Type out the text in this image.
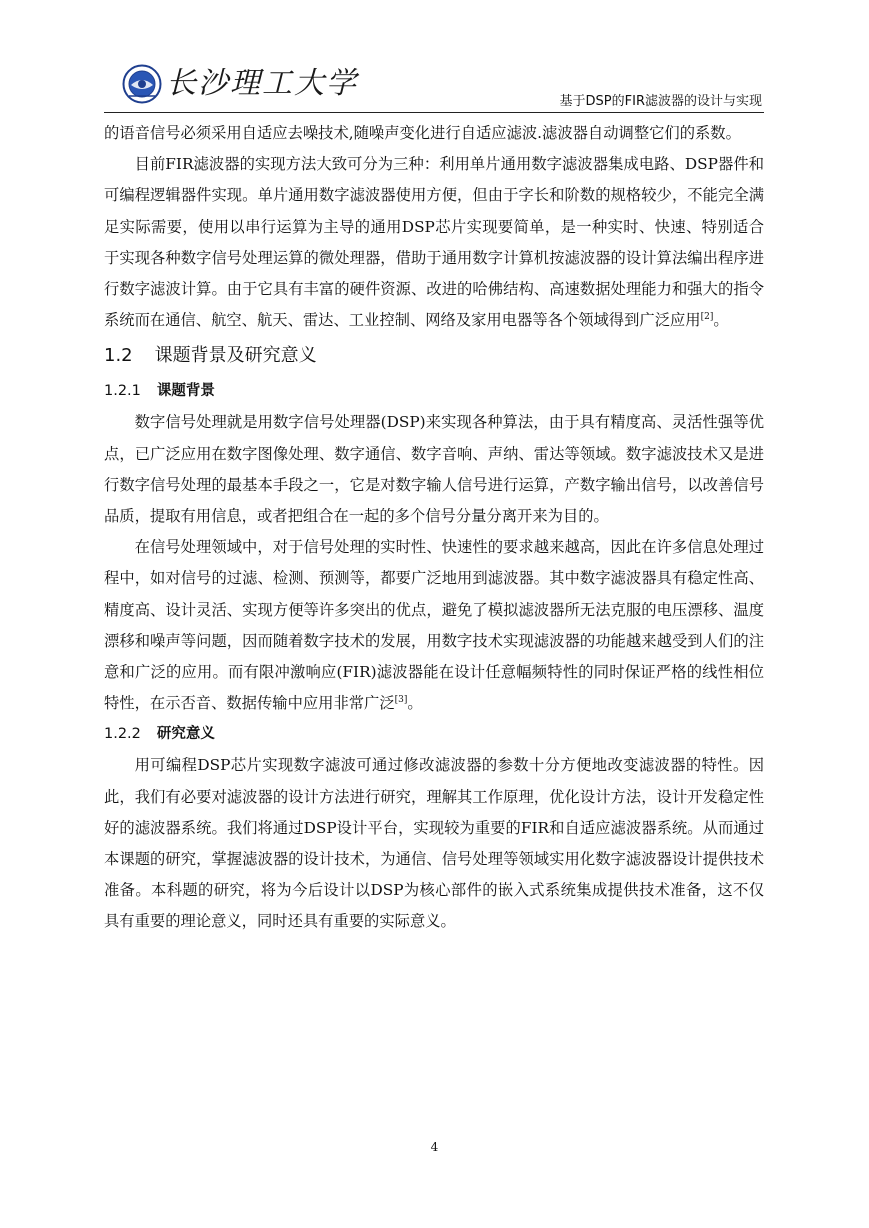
长沙理工大学
基于DSP的FIR滤波器的设计与实现

的语音信号必须采用自适应去噪技术,随噪声变化进行自适应滤波.滤波器自动调整它们的系数。

目前FIR滤波器的实现方法大致可分为三种：利用单片通用数字滤波器集成电路、DSP器件和可编程逻辑器件实现。单片通用数字滤波器使用方便，但由于字长和阶数的规格较少，不能完全满足实际需要，使用以串行运算为主导的通用DSP芯片实现要简单，是一种实时、快速、特别适合于实现各种数字信号处理运算的微处理器，借助于通用数字计算机按滤波器的设计算法编出程序进行数字滤波计算。由于它具有丰富的硬件资源、改进的哈佛结构、高速数据处理能力和强大的指令系统而在通信、航空、航天、雷达、工业控制、网络及家用电器等各个领域得到广泛应用[2]。

1.2 课题背景及研究意义
1.2.1 课题背景

数字信号处理就是用数字信号处理器(DSP)来实现各种算法，由于具有精度高、灵活性强等优点，已广泛应用在数字图像处理、数字通信、数字音响、声纳、雷达等领域。数字滤波技术又是进行数字信号处理的最基本手段之一，它是对数字输人信号进行运算，产数字输出信号，以改善信号品质，提取有用信息，或者把组合在一起的多个信号分量分离开来为目的。

在信号处理领域中，对于信号处理的实时性、快速性的要求越来越高，因此在许多信息处理过程中，如对信号的过滤、检测、预测等，都要广泛地用到滤波器。其中数字滤波器具有稳定性高、精度高、设计灵活、实现方便等许多突出的优点，避免了模拟滤波器所无法克服的电压漂移、温度漂移和噪声等问题，因而随着数字技术的发展，用数字技术实现滤波器的功能越来越受到人们的注意和广泛的应用。而有限冲激响应(FIR)滤波器能在设计任意幅频特性的同时保证严格的线性相位特性，在示否音、数据传输中应用非常广泛[3]。

1.2.2 研究意义

用可编程DSP芯片实现数字滤波可通过修改滤波器的参数十分方便地改变滤波器的特性。因此，我们有必要对滤波器的设计方法进行研究，理解其工作原理，优化设计方法，设计开发稳定性好的滤波器系统。我们将通过DSP设计平台，实现较为重要的FIR和自适应滤波器系统。从而通过本课题的研究，掌握滤波器的设计技术，为通信、信号处理等领域实用化数字滤波器设计提供技术准备。本科题的研究，将为今后设计以DSP为核心部件的嵌入式系统集成提供技术准备，这不仅具有重要的理论意义，同时还具有重要的实际意义。

4
